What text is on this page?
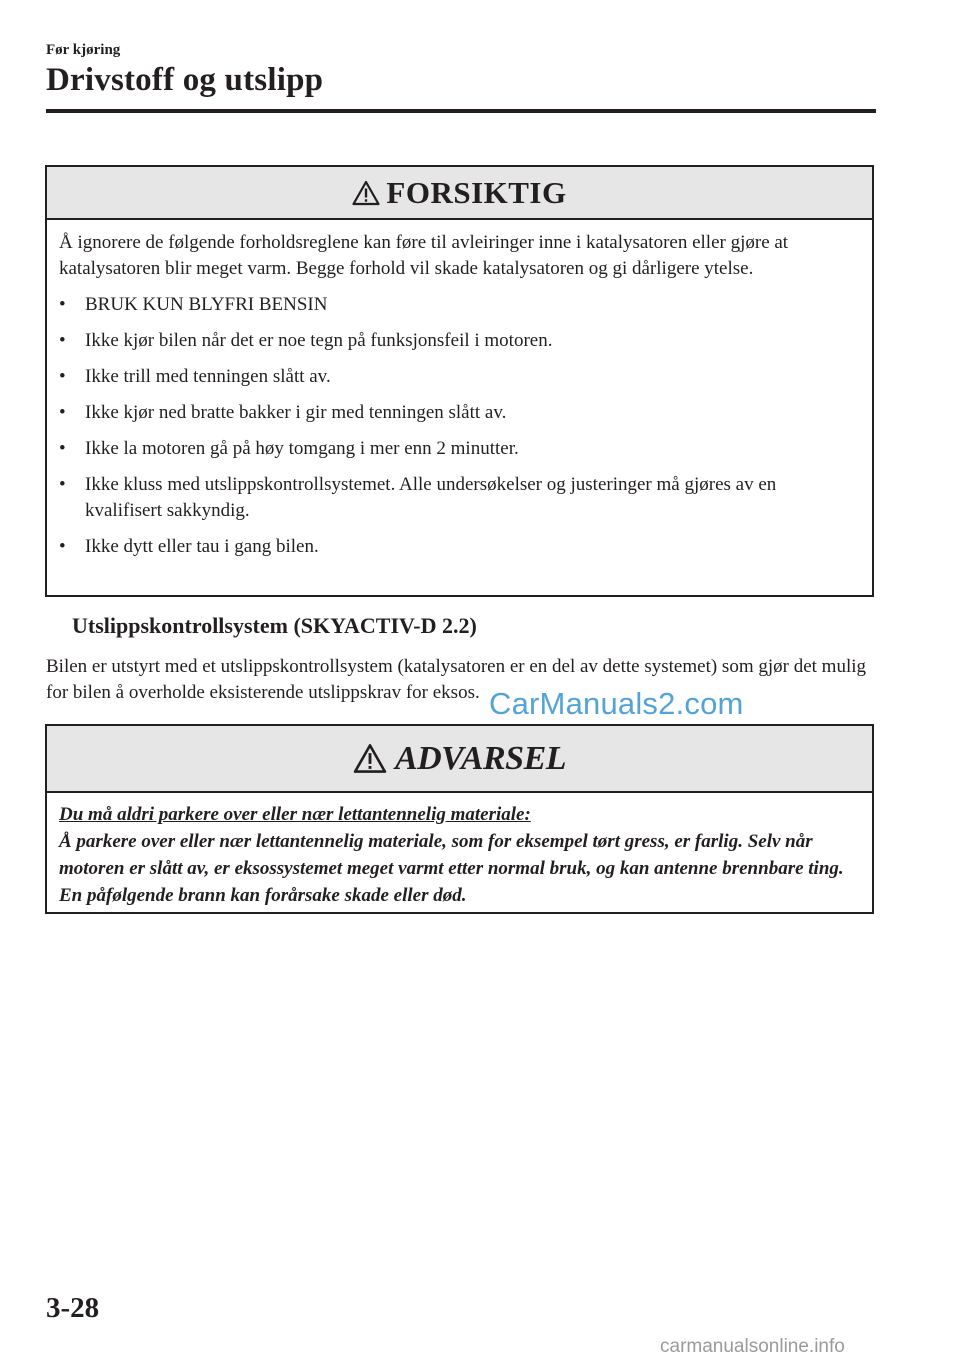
Før kjøring
Drivstoff og utslipp
FORSIKTIG

Å ignorere de følgende forholdsreglene kan føre til avleiringer inne i katalysatoren eller gjøre at katalysatoren blir meget varm. Begge forhold vil skade katalysatoren og gi dårligere ytelse.

• BRUK KUN BLYFRI BENSIN
• Ikke kjør bilen når det er noe tegn på funksjonsfeil i motoren.
• Ikke trill med tenningen slått av.
• Ikke kjør ned bratte bakker i gir med tenningen slått av.
• Ikke la motoren gå på høy tomgang i mer enn 2 minutter.
• Ikke kluss med utslippskontrollsystemet. Alle undersøkelser og justeringer må gjøres av en kvalifisert sakkyndig.
• Ikke dytt eller tau i gang bilen.
Utslippskontrollsystem (SKYACTIV-D 2.2)

Bilen er utstyrt med et utslippskontrollsystem (katalysatoren er en del av dette systemet) som gjør det mulig for bilen å overholde eksisterende utslippskrav for eksos. CarManuals2.com
ADVARSEL
Du må aldri parkere over eller nær lettantennelig materiale:
Å parkere over eller nær lettantennelig materiale, som for eksempel tørt gress, er farlig. Selv når motoren er slått av, er eksossystemet meget varmt etter normal bruk, og kan antenne brennbare ting. En påfølgende brann kan forårsake skade eller død.
3-28
carmanualsonline.info
